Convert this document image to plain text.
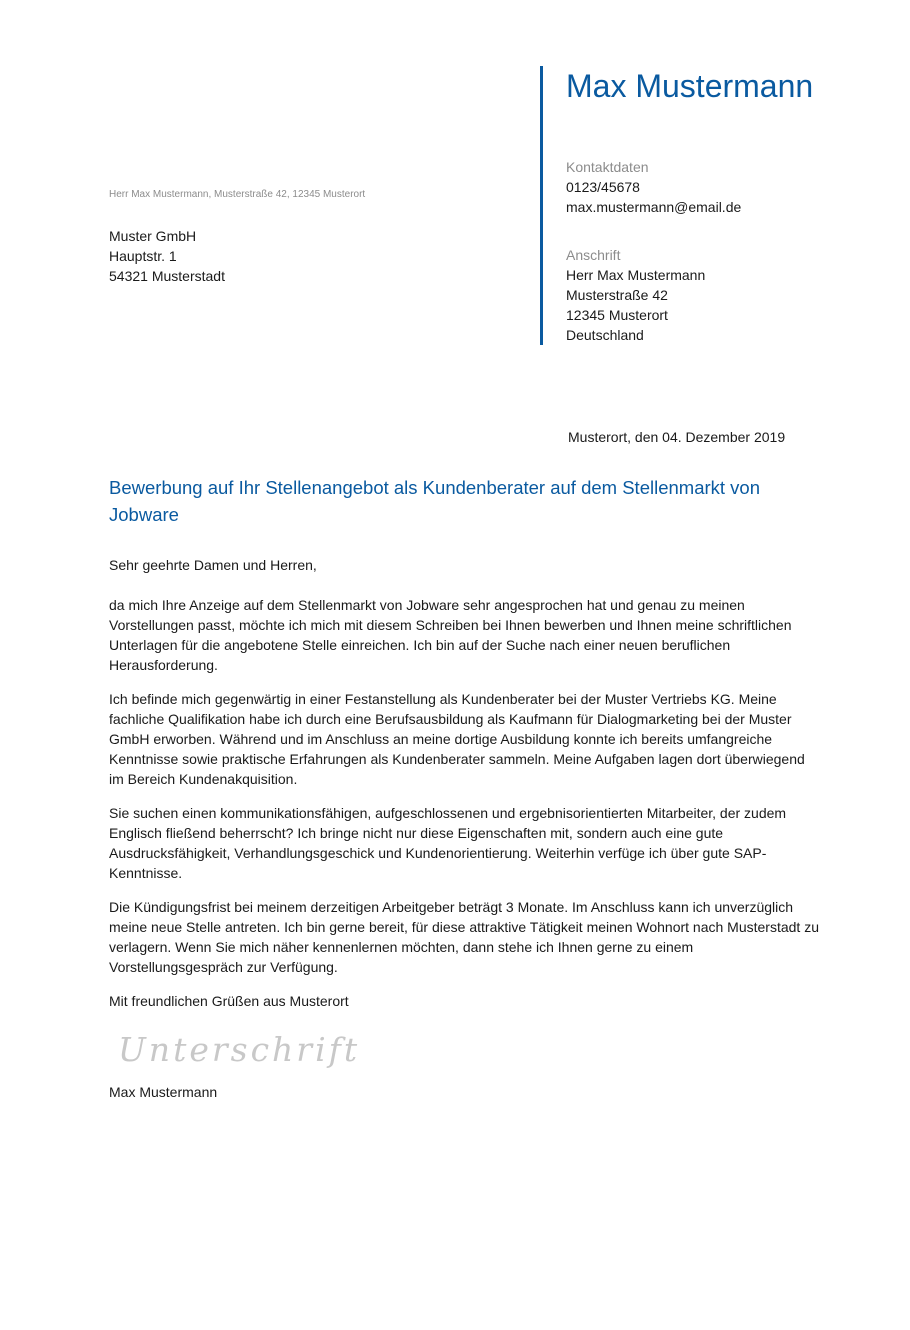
Max Mustermann
Kontaktdaten
0123/45678
max.mustermann@email.de
Anschrift
Herr Max Mustermann
Musterstraße 42
12345 Musterort
Deutschland
Herr Max Mustermann, Musterstraße 42, 12345 Musterort
Muster GmbH
Hauptstr. 1
54321 Musterstadt
Musterort, den 04. Dezember 2019
Bewerbung auf Ihr Stellenangebot als Kundenberater auf dem Stellenmarkt von Jobware
Sehr geehrte Damen und Herren,

da mich Ihre Anzeige auf dem Stellenmarkt von Jobware sehr angesprochen hat und genau zu meinen Vorstellungen passt, möchte ich mich mit diesem Schreiben bei Ihnen bewerben und Ihnen meine schriftlichen Unterlagen für die angebotene Stelle einreichen. Ich bin auf der Suche nach einer neuen beruflichen Herausforderung.

Ich befinde mich gegenwärtig in einer Festanstellung als Kundenberater bei der Muster Vertriebs KG. Meine fachliche Qualifikation habe ich durch eine Berufsausbildung als Kaufmann für Dialogmarketing bei der Muster GmbH erworben. Während und im Anschluss an meine dortige Ausbildung konnte ich bereits umfangreiche Kenntnisse sowie praktische Erfahrungen als Kundenberater sammeln. Meine Aufgaben lagen dort überwiegend im Bereich Kundenakquisition.

Sie suchen einen kommunikationsfähigen, aufgeschlossenen und ergebnisorientierten Mitarbeiter, der zudem Englisch fließend beherrscht? Ich bringe nicht nur diese Eigenschaften mit, sondern auch eine gute Ausdrucksfähigkeit, Verhandlungsgeschick und Kundenorientierung. Weiterhin verfüge ich über gute SAP-Kenntnisse.

Die Kündigungsfrist bei meinem derzeitigen Arbeitgeber beträgt 3 Monate. Im Anschluss kann ich unverzüglich meine neue Stelle antreten. Ich bin gerne bereit, für diese attraktive Tätigkeit meinen Wohnort nach Musterstadt zu verlagern. Wenn Sie mich näher kennenlernen möchten, dann stehe ich Ihnen gerne zu einem Vorstellungsgespräch zur Verfügung.

Mit freundlichen Grüßen aus Musterort
Unterschrift
Max Mustermann
